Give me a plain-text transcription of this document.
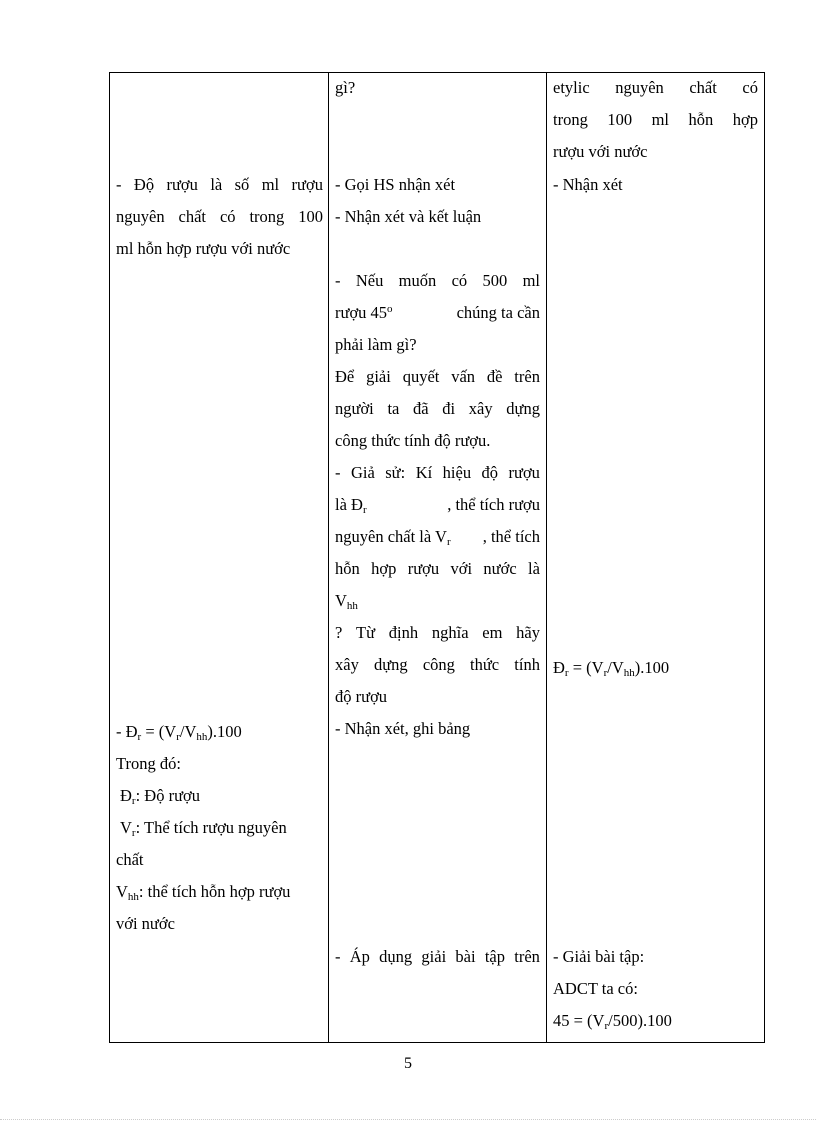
- Độ rượu là số ml rượu
nguyên chất có trong 100
ml hỗn hợp rượu với nước
- $Đ_r = (V_r/V_{hh}).100$
Trong đó:
$Đ_r$: Độ rượu
$V_r$: Thể tích rượu nguyên
chất
$V_{hh}$: thể tích hỗn hợp rượu
với nước
gì?
- Gọi HS nhận xét
- Nhận xét và kết luận
- Nếu muốn có 500 ml
rượu 45$^o$	chúng ta cần
phải làm gì?
Để giải quyết vấn đề trên
người ta đã đi xây dựng
công thức tính độ rượu.
- Giả sử: Kí hiệu độ rượu
là $Đ_r$	, thể tích rượu
nguyên chất là $V_r$ , thể tích
hỗn hợp rượu với nước là
$V_{hh}$
? Từ định nghĩa em hãy
xây dựng công thức tính
độ rượu
- Nhận xét, ghi bảng
- Áp dụng giải bài tập trên
etylic nguyên chất có
trong 100 ml hỗn hợp
rượu với nước
- Nhận xét
$Đ_r = (V_r/V_{hh}).100$
- Giải bài tập:
ADCT ta có:
$45 = (V_r/500).100$
5
